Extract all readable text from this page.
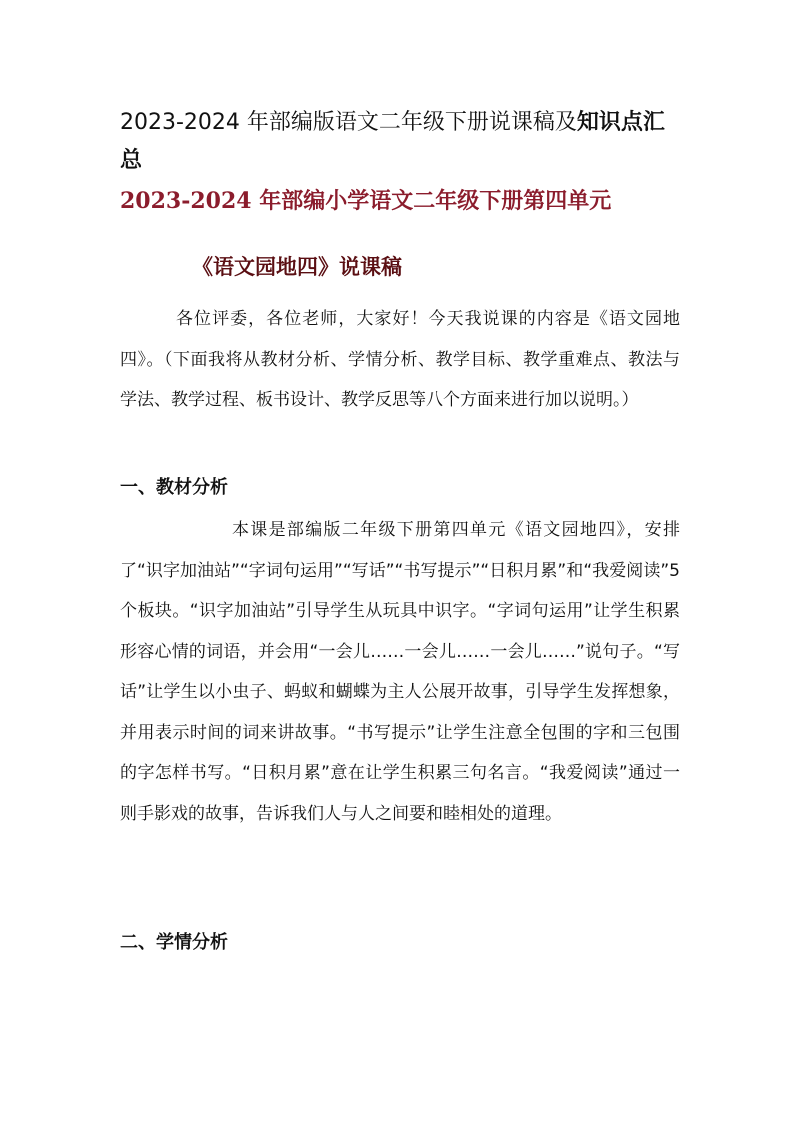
2023-2024 年部编版语文二年级下册说课稿及知识点汇总
2023-2024 年部编小学语文二年级下册第四单元
《语文园地四》说课稿

各位评委，各位老师，大家好！今天我说课的内容是《语文园地四》。（下面我将从教材分析、学情分析、教学目标、教学重难点、教法与学法、教学过程、板书设计、教学反思等八个方面来进行加以说明。）

一、教材分析

本课是部编版二年级下册第四单元《语文园地四》，安排了“识字加油站”“字词句运用”“写话”“书写提示”“日积月累”和“我爱阅读”5 个板块。“识字加油站”引导学生从玩具中识字。“字词句运用”让学生积累形容心情的词语，并会用“一会儿……一会儿……一会儿……”说句子。“写话”让学生以小虫子、蚂蚁和蝴蝶为主人公展开故事，引导学生发挥想象，并用表示时间的词来讲故事。“书写提示”让学生注意全包围的字和三包围的字怎样书写。“日积月累”意在让学生积累三句名言。“我爱阅读”通过一则手影戏的故事，告诉我们人与人之间要和睦相处的道理。

二、学情分析
